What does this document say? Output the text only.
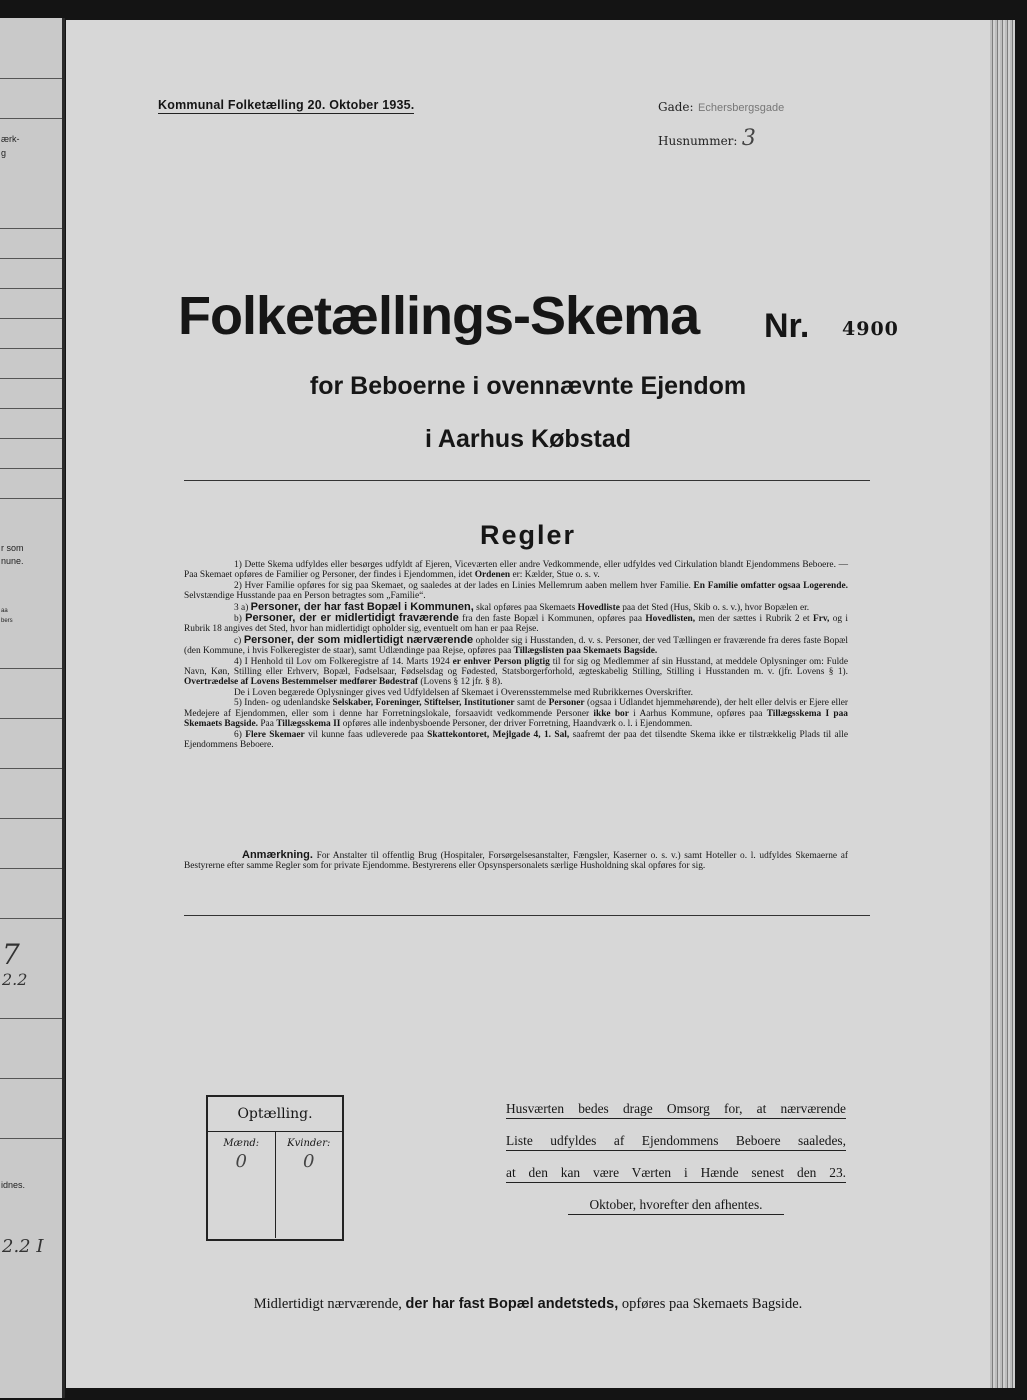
ærk-
g
r som
nune.
aa
bers
7
2.2
idnes.
2.2 I
Kommunal Folketælling 20. Oktober 1935.	Gade: Echersbergsgade
Husnummer: 3
Folketællings-Skema Nr. 4900
for Beboerne i ovennævnte Ejendom
i Aarhus Købstad
Regler

1) Dette Skema udfyldes eller besørges udfyldt af Ejeren, Viceværten eller andre Vedkommende, eller udfyldes ved Cirkulation blandt Ejendommens Beboere. — Paa Skemaet opføres de Familier og Personer, der findes i Ejendommen, idet Ordenen er: Kælder, Stue o. s. v.

2) Hver Familie opføres for sig paa Skemaet, og saaledes at der lades en Linies Mellemrum aaben mellem hver Familie. En Familie omfatter ogsaa Logerende. Selvstændige Husstande paa en Person betragtes som „Familie“.

3 a) Personer, der har fast Bopæl i Kommunen, skal opføres paa Skemaets Hovedliste paa det Sted (Hus, Skib o. s. v.), hvor Bopælen er.

b) Personer, der er midlertidigt fraværende fra den faste Bopæl i Kommunen, opføres paa Hovedlisten, men der sættes i Rubrik 2 et Frv, og i Rubrik 18 angives det Sted, hvor han midlertidigt opholder sig, eventuelt om han er paa Rejse.

c) Personer, der som midlertidigt nærværende opholder sig i Husstanden, d. v. s. Personer, der ved Tællingen er fraværende fra deres faste Bopæl (den Kommune, i hvis Folkeregister de staar), samt Udlændinge paa Rejse, opføres paa Tillægslisten paa Skemaets Bagside.

4) I Henhold til Lov om Folkeregistre af 14. Marts 1924 er enhver Person pligtig til for sig og Medlemmer af sin Husstand, at meddele Oplysninger om: Fulde Navn, Køn, Stilling eller Erhverv, Bopæl, Fødselsaar, Fødselsdag og Fødested, Statsborgerforhold, ægteskabelig Stilling, Stilling i Husstanden m. v. (jfr. Lovens § 1). Overtrædelse af Lovens Bestemmelser medfører Bødestraf (Lovens § 12 jfr. § 8).

De i Loven begærede Oplysninger gives ved Udfyldelsen af Skemaet i Overensstemmelse med Rubrikkernes Overskrifter.

5) Inden- og udenlandske Selskaber, Foreninger, Stiftelser, Institutioner samt de Personer (ogsaa i Udlandet hjemmehørende), der helt eller delvis er Ejere eller Medejere af Ejendommen, eller som i denne har Forretningslokale, forsaavidt vedkommende Personer ikke bor i Aarhus Kommune, opføres paa Tillægsskema I paa Skemaets Bagside. Paa Tillægsskema II opføres alle indenbysboende Personer, der driver Forretning, Haandværk o. l. i Ejendommen.

6) Flere Skemaer vil kunne faas udleverede paa Skattekontoret, Mejlgade 4, 1. Sal, saafremt der paa det tilsendte Skema ikke er tilstrækkelig Plads til alle Ejendommens Beboere.

Anmærkning. For Anstalter til offentlig Brug (Hospitaler, Forsørgelsesanstalter, Fængsler, Kaserner o. s. v.) samt Hoteller o. l. udfyldes Skemaerne af Bestyrerne efter samme Regler som for private Ejendomme. Bestyrerens eller Opsynspersonalets særlige Husholdning skal opføres for sig.

Optælling.
Mænd:
0
Kvinder:
0
Husværten bedes drage Omsorg for, at nærværende
Liste udfyldes af Ejendommens Beboere saaledes,
at den kan være Værten i Hænde senest den 23.
Oktober, hvorefter den afhentes.
Midlertidigt nærværende, der har fast Bopæl andetsteds, opføres paa Skemaets Bagside.
